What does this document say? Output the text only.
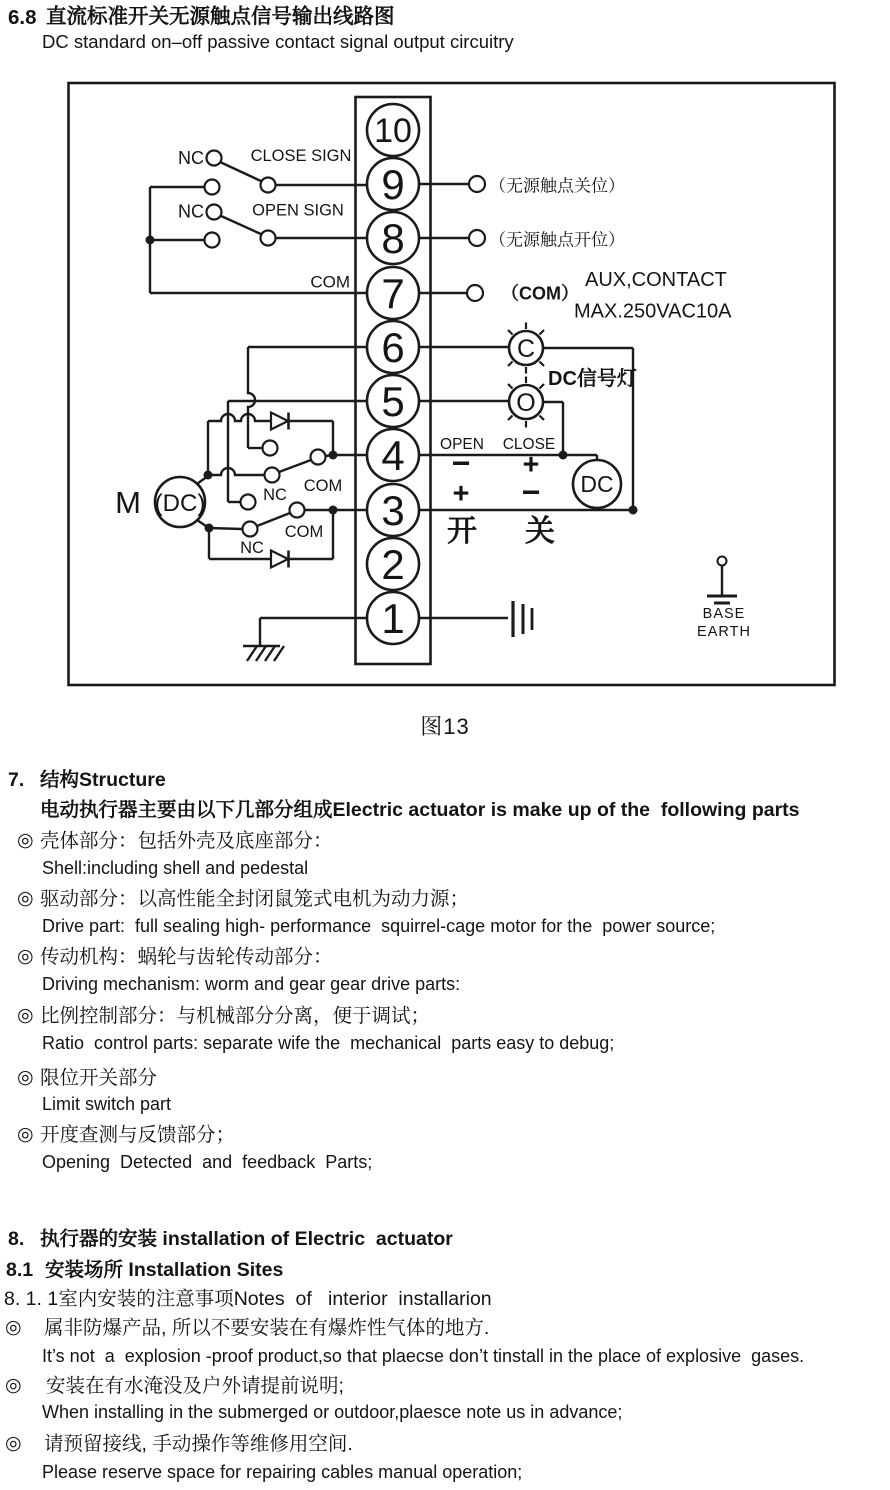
6.8 直流标准开关无源触点信号输出线路图
DC standard on–off passive contact signal output circuitry
10
9
8
7
6
5
4
3
2
1
NC	CLOSE SIGN
NC	OPEN SIGN
COM
（无源触点关位）
（无源触点开位）
（COM）
AUX,CONTACT
MAX.250VAC10A
C
O
DC信号灯
OPEN CLOSE
− +
+ −
开 关
DC
M (DC)	NC COM
NC
COM
BASE
EARTH
图13
7. 结构Structure
电动执行器主要由以下几部分组成Electric actuator is make up of the  following parts
◎ 壳体部分：包括外壳及底座部分：
Shell:including shell and pedestal
◎ 驱动部分：以高性能全封闭鼠笼式电机为动力源；
Drive part:  full sealing high- performance  squirrel-cage motor for the  power source;
◎ 传动机构：蜗轮与齿轮传动部分：
Driving mechanism: worm and gear gear drive parts:
◎ 比例控制部分：与机械部分分离，便于调试；
Ratio  control parts: separate wife the  mechanical  parts easy to debug;
◎ 限位开关部分
Limit switch part
◎ 开度查测与反馈部分；
Opening  Detected  and  feedback  Parts;
8. 执行器的安装 installation of Electric  actuator
8.1 安装场所 Installation Sites
8. 1. 1室内安装的注意事项Notes  of   interior  installarion
◎ 属非防爆产品, 所以不要安装在有爆炸性气体的地方.
It’s not  a  explosion -proof product,so that plaecse don’t tinstall in the place of explosive  gases.
◎ 安装在有水淹没及户外请提前说明;
When installing in the submerged or outdoor,plaesce note us in advance;
◎ 请预留接线, 手动操作等维修用空间.
Please reserve space for repairing cables manual operation;
